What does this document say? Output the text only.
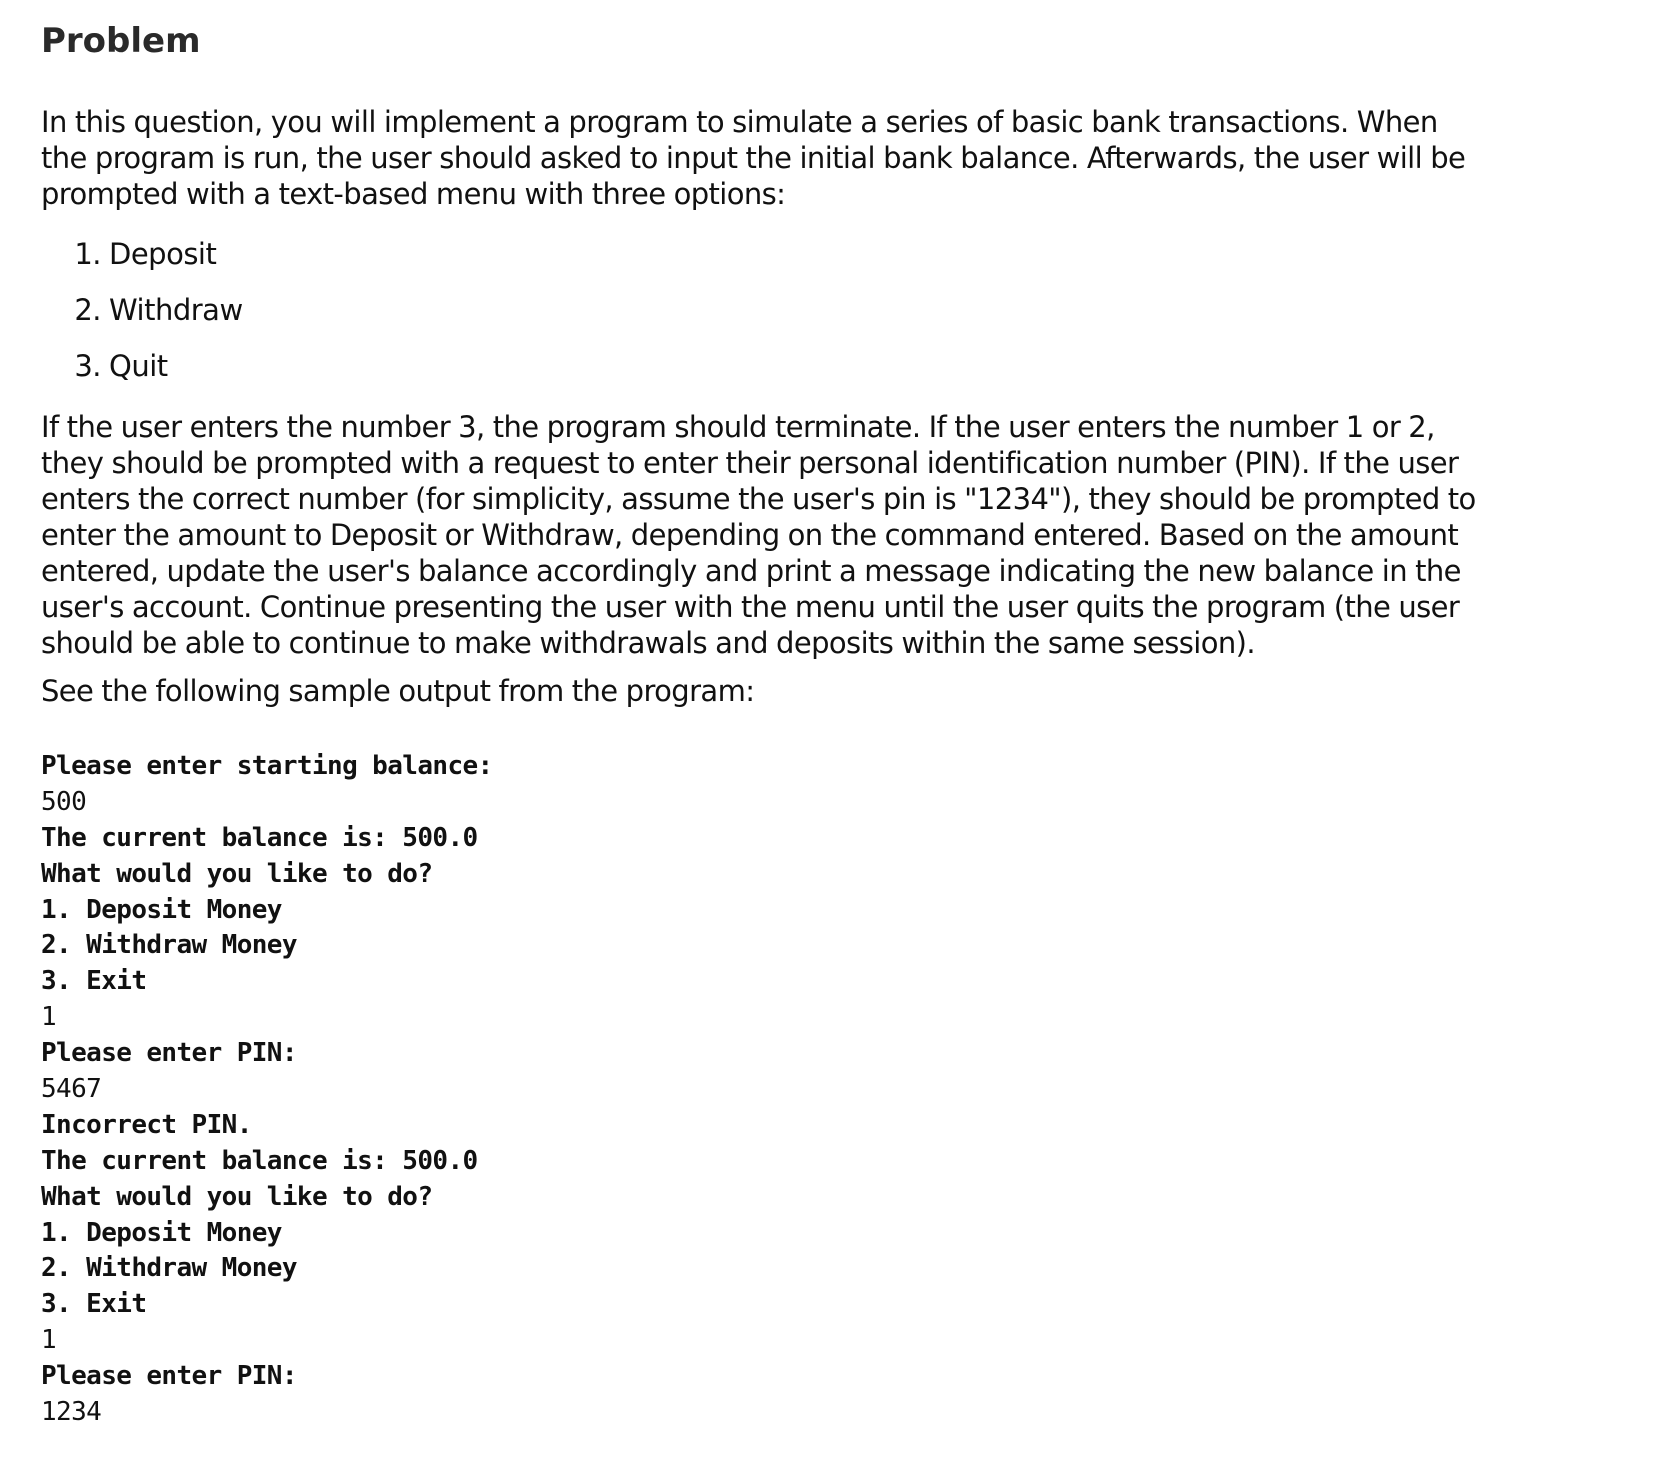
Problem

In this question, you will implement a program to simulate a series of basic bank transactions. When the program is run, the user should asked to input the initial bank balance. Afterwards, the user will be prompted with a text-based menu with three options:

1. Deposit
2. Withdraw
3. Quit

If the user enters the number 3, the program should terminate. If the user enters the number 1 or 2, they should be prompted with a request to enter their personal identification number (PIN). If the user enters the correct number (for simplicity, assume the user's pin is "1234"), they should be prompted to enter the amount to Deposit or Withdraw, depending on the command entered. Based on the amount entered, update the user's balance accordingly and print a message indicating the new balance in the user's account. Continue presenting the user with the menu until the user quits the program (the user should be able to continue to make withdrawals and deposits within the same session).

See the following sample output from the program:

Please enter starting balance:
500
The current balance is: 500.0
What would you like to do?
1. Deposit Money
2. Withdraw Money
3. Exit
1
Please enter PIN:
5467
Incorrect PIN.
The current balance is: 500.0
What would you like to do?
1. Deposit Money
2. Withdraw Money
3. Exit
1
Please enter PIN:
1234
